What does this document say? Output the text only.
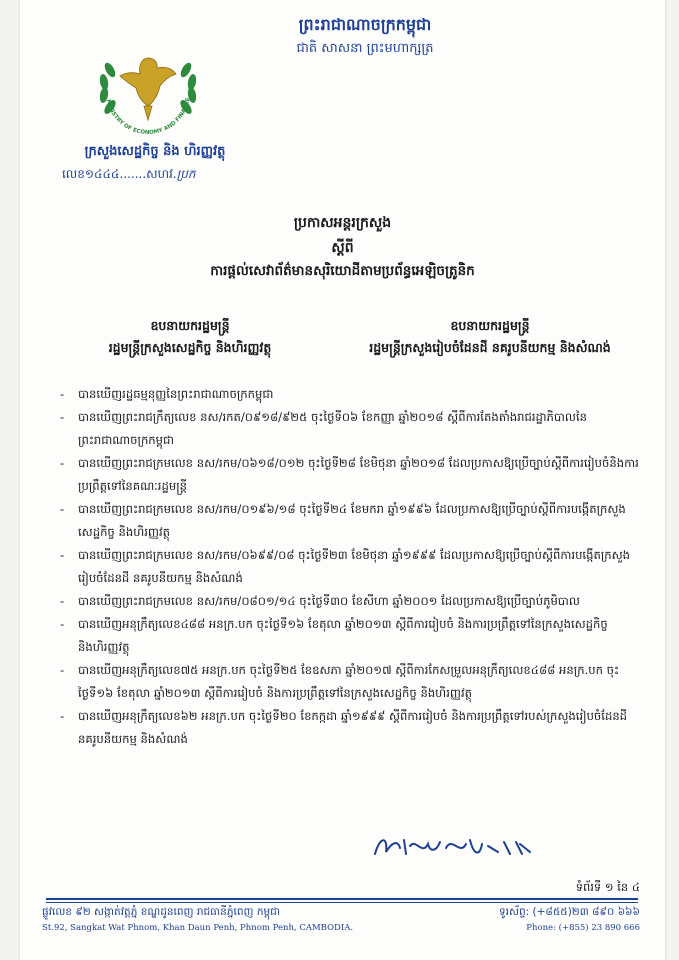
ព្រះរាជាណាចក្រកម្ពុជា
ជាតិ សាសនា ព្រះមហាក្សត្រ
MINISTRY OF ECONOMY AND FINANCE
ក្រសួងសេដ្ឋកិច្ច និង ហិរញ្ញវត្ថុ
លេខ១៤៤៤.......សហវ.ប្រក
ប្រកាសអន្តរក្រសួង
ស្តីពី
ការផ្តល់សេវាព័ត៌មានសុរិយោដីតាមប្រព័ន្ធអេឡិចត្រូនិក
ឧបនាយករដ្ឋមន្ត្រី
រដ្ឋមន្ត្រីក្រសួងសេដ្ឋកិច្ច និងហិរញ្ញវត្ថុ
ឧបនាយករដ្ឋមន្ត្រី
រដ្ឋមន្ត្រីក្រសួងរៀបចំដែនដី នគរូបនីយកម្ម និងសំណង់
- បានឃើញរដ្ឋធម្មនុញ្ញនៃព្រះរាជាណាចក្រកម្ពុជា
- បានឃើញព្រះរាជក្រឹត្យលេខ នស/រកត/០៩១៨/៩២៥ ចុះថ្ងៃទី០៦ ខែកញ្ញា ឆ្នាំ២០១៨ ស្តីពីការតែងតាំងរាជរដ្ឋាភិបាលនៃព្រះរាជាណាចក្រកម្ពុជា
- បានឃើញព្រះរាជក្រមលេខ នស/រកម/០៦១៨/០១២ ចុះថ្ងៃទី២៨ ខែមិថុនា ឆ្នាំ២០១៨ ដែលប្រកាសឱ្យប្រើច្បាប់ស្តីពីការរៀបចំនិងការប្រព្រឹត្តទៅនៃគណៈរដ្ឋមន្ត្រី
- បានឃើញព្រះរាជក្រមលេខ នស/រកម/០១៩៦/១៨ ចុះថ្ងៃទី២៤ ខែមករា ឆ្នាំ១៩៩៦ ដែលប្រកាសឱ្យប្រើច្បាប់ស្តីពីការបង្កើតក្រសួងសេដ្ឋកិច្ច និងហិរញ្ញវត្ថុ
- បានឃើញព្រះរាជក្រមលេខ នស/រកម/០៦៩៩/០៨ ចុះថ្ងៃទី២៣ ខែមិថុនា ឆ្នាំ១៩៩៩ ដែលប្រកាសឱ្យប្រើច្បាប់ស្តីពីការបង្កើតក្រសួងរៀបចំដែនដី នគរូបនីយកម្ម និងសំណង់
- បានឃើញព្រះរាជក្រមលេខ នស/រកម/០៨០១/១៤ ចុះថ្ងៃទី៣០ ខែសីហា ឆ្នាំ២០០១ ដែលប្រកាសឱ្យប្រើច្បាប់ភូមិបាល
- បានឃើញអនុក្រឹត្យលេខ៤៨៨ អនក្រ.បក ចុះថ្ងៃទី១៦ ខែតុលា ឆ្នាំ២០១៣ ស្តីពីការរៀបចំ និងការប្រព្រឹត្តទៅនៃក្រសួងសេដ្ឋកិច្ច និងហិរញ្ញវត្ថុ
- បានឃើញអនុក្រឹត្យលេខ៧៥ អនក្រ.បក ចុះថ្ងៃទី២៥ ខែឧសភា ឆ្នាំ២០១៧ ស្តីពីការកែសម្រួលអនុក្រឹត្យលេខ៤៨៨ អនក្រ.បក ចុះថ្ងៃទី១៦ ខែតុលា ឆ្នាំ២០១៣ ស្តីពីការរៀបចំ និងការប្រព្រឹត្តទៅនៃក្រសួងសេដ្ឋកិច្ច និងហិរញ្ញវត្ថុ
- បានឃើញអនុក្រឹត្យលេខ៦២ អនក្រ.បក ចុះថ្ងៃទី២០ ខែកក្កដា ឆ្នាំ១៩៩៩ ស្តីពីការរៀបចំ និងការប្រព្រឹត្តទៅរបស់ក្រសួងរៀបចំដែនដី នគរូបនីយកម្ម និងសំណង់
ទំព័រទី ១ នៃ ៤
ផ្លូវលេខ ៩២ សង្កាត់វត្តភ្នំ ខណ្ឌដូនពេញ រាជធានីភ្នំពេញ កម្ពុជា
St.92, Sangkat Wat Phnom, Khan Daun Penh, Phnom Penh, CAMBODIA.
ទូរស័ព្ទ: (+៨៥៥)២៣ ៨៩០ ៦៦៦
Phone: (+855) 23 890 666
